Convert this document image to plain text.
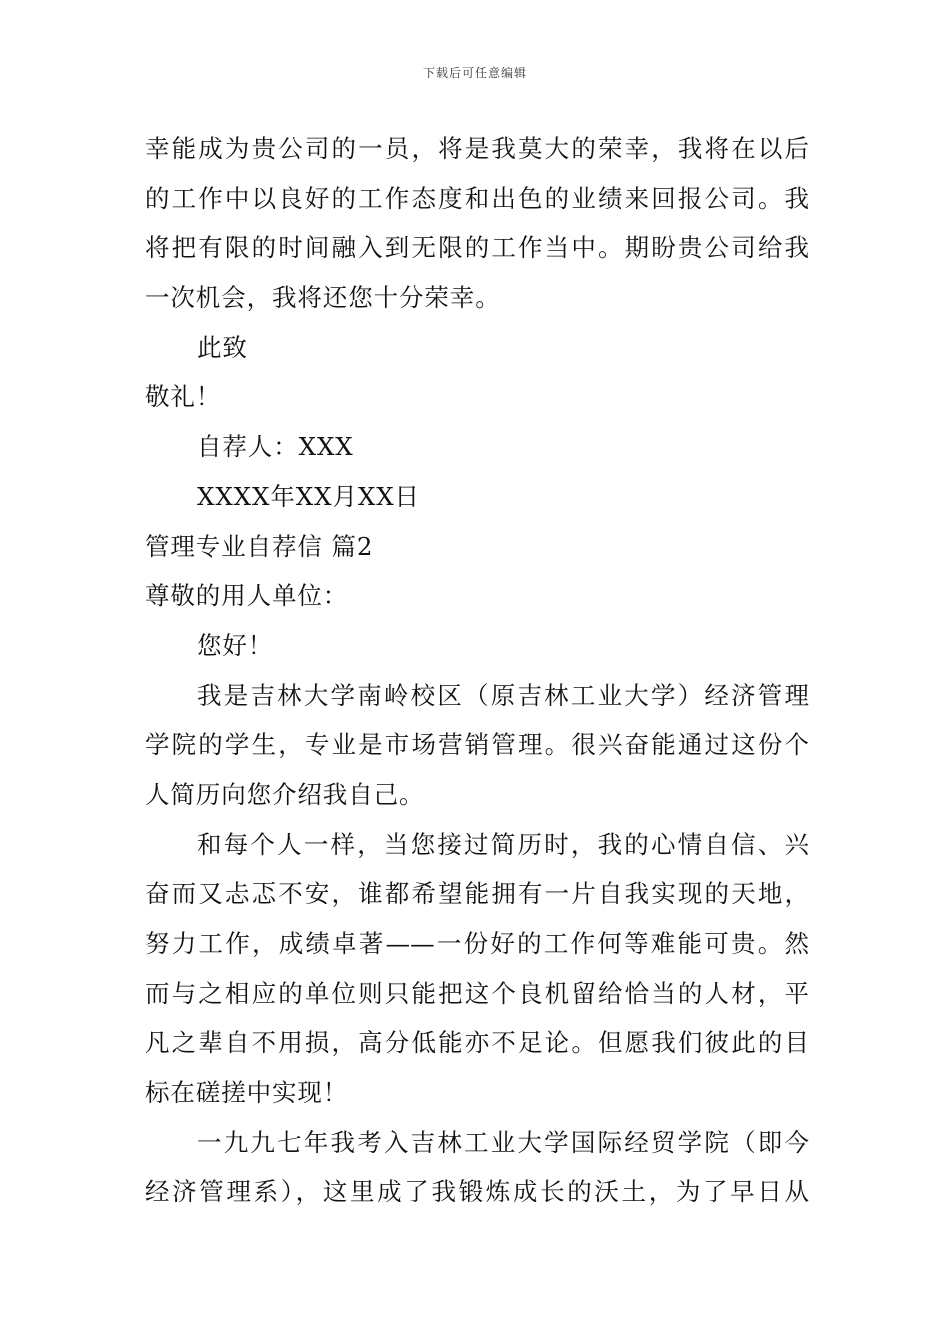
下载后可任意编辑
幸能成为贵公司的一员，将是我莫大的荣幸，我将在以后
的工作中以良好的工作态度和出色的业绩来回报公司。我
将把有限的时间融入到无限的工作当中。期盼贵公司给我
一次机会，我将还您十分荣幸。
此致
敬礼！
自荐人：XXX
XXXX年XX月XX日
管理专业自荐信 篇2
尊敬的用人单位：
您好！
我是吉林大学南岭校区（原吉林工业大学）经济管理
学院的学生，专业是市场营销管理。很兴奋能通过这份个
人简历向您介绍我自己。
和每个人一样，当您接过简历时，我的心情自信、兴
奋而又忐忑不安，谁都希望能拥有一片自我实现的天地，
努力工作，成绩卓著——一份好的工作何等难能可贵。然
而与之相应的单位则只能把这个良机留给恰当的人材，平
凡之辈自不用损，高分低能亦不足论。但愿我们彼此的目
标在磋搓中实现！
一九九七年我考入吉林工业大学国际经贸学院（即今
经济管理系），这里成了我锻炼成长的沃土，为了早日从
